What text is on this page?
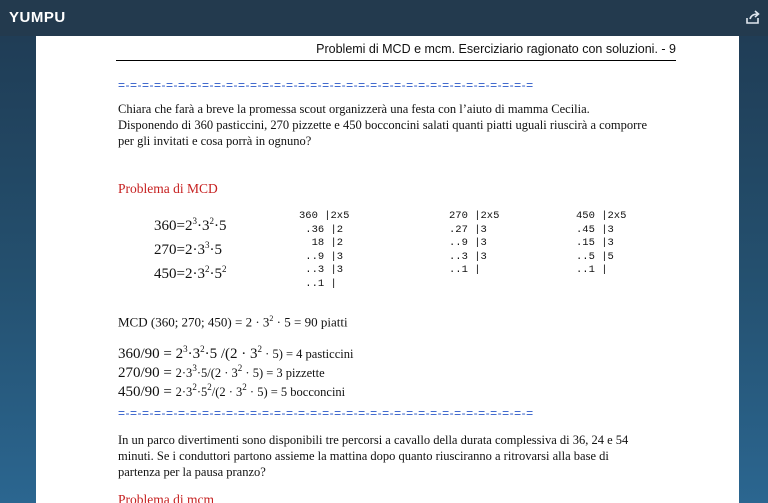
YUMPU
Problemi di MCD e mcm. Eserciziario ragionato con soluzioni. - 9
=-=-=-=-=-=-=-=-=-=-=-=-=-=-=-=-=-=-=-=-=-=-=-=-=-=-=-=-=-=-=-=-=-=-=
Chiara che farà a breve la promessa scout organizzerà una festa con l’aiuto di mamma Cecilia.
Disponendo di 360 pasticcini, 270 pizzette e 450 bocconcini salati quanti piatti uguali riuscirà a comporre
per gli invitati e cosa porrà in ognuno?
Problema di MCD
$360=2^3\cdot 3^2\cdot 5$
$270=2\cdot 3^3\cdot 5$
$450=2\cdot 3^2\cdot 5^2$
360 |2x5
.36 |2
18 |2
..9 |3
..3 |3
..1 |
270 |2x5
.27 |3
..9 |3
..3 |3
..1 |
450 |2x5
.45 |3
.15 |3
..5 |5
..1 |
MCD (360; 270; $450) = 2 \cdot 3^2 \cdot 5 = 90$ piatti
$360/90 = 2^3\cdot 3^2\cdot 5$ $/(2 \cdot 3^2 \cdot 5) = 4$ pasticcini
$270/90 = 2\cdot 3^3\cdot 5/(2 \cdot 3^2 \cdot 5) = 3$ pizzette
$450/90 = 2\cdot 3^2\cdot 5^2/(2 \cdot 3^2 \cdot 5) = 5$ bocconcini
=-=-=-=-=-=-=-=-=-=-=-=-=-=-=-=-=-=-=-=-=-=-=-=-=-=-=-=-=-=-=-=-=-=-=
In un parco divertimenti sono disponibili tre percorsi a cavallo della durata complessiva di 36, 24 e 54
minuti. Se i conduttori partono assieme la mattina dopo quanto riusciranno a ritrovarsi alla base di
partenza per la pausa pranzo?
Problema di mcm
